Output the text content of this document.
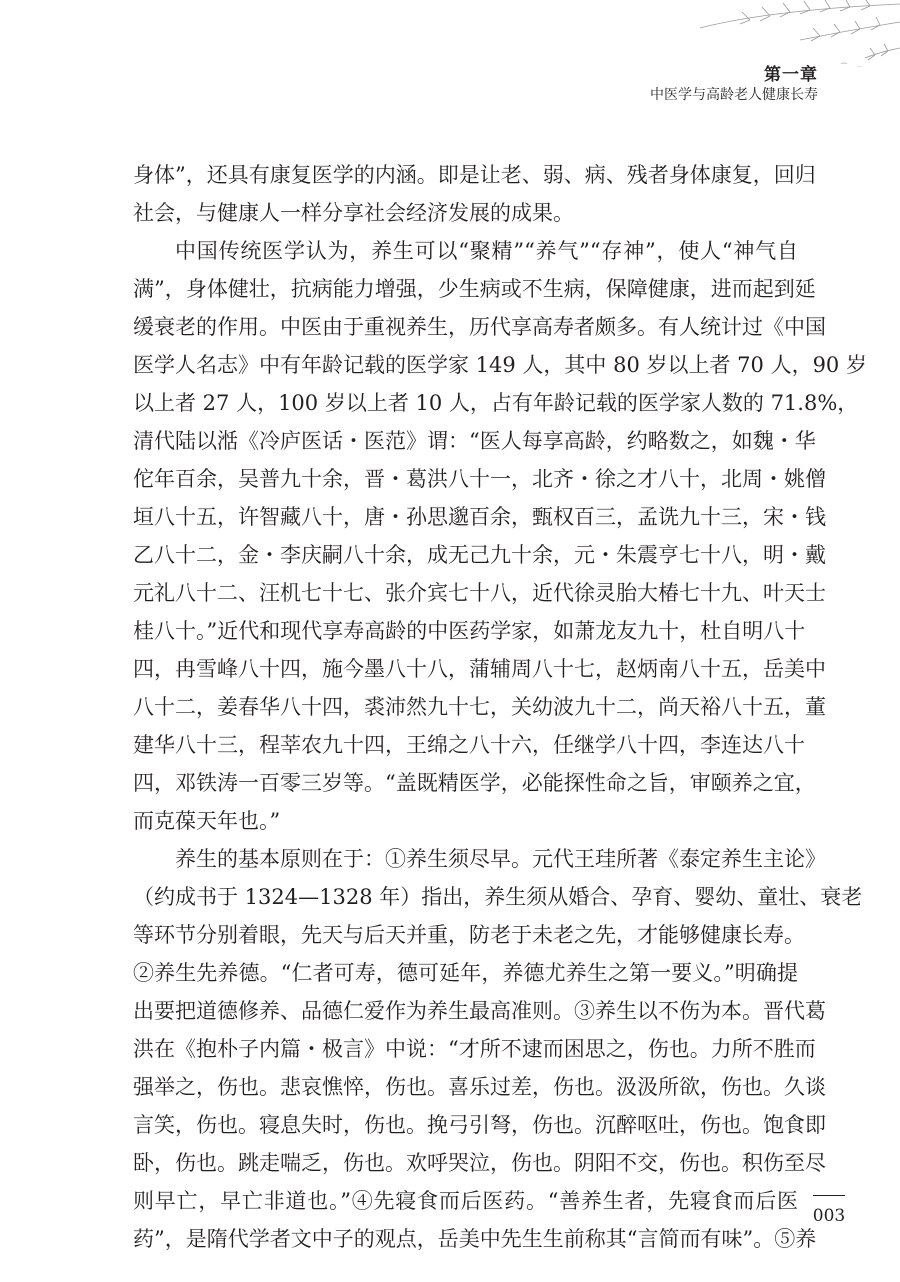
第一章
中医学与高龄老人健康长寿
身体”，还具有康复医学的内涵。即是让老、弱、病、残者身体康复，回归
社会，与健康人一样分享社会经济发展的成果。
中国传统医学认为，养生可以“聚精”“养气”“存神”，使人“神气自
满”，身体健壮，抗病能力增强，少生病或不生病，保障健康，进而起到延
缓衰老的作用。中医由于重视养生，历代享高寿者颇多。有人统计过《中国
医学人名志》中有年龄记载的医学家 149 人，其中 80 岁以上者 70 人，90 岁
以上者 27 人，100 岁以上者 10 人，占有年龄记载的医学家人数的 71.8%，
清代陆以湉《冷庐医话・医范》谓：“医人每享高龄，约略数之，如魏・华
佗年百余，吴普九十余，晋・葛洪八十一，北齐・徐之才八十，北周・姚僧
垣八十五，许智藏八十，唐・孙思邈百余，甄权百三，孟诜九十三，宋・钱
乙八十二，金・李庆嗣八十余，成无己九十余，元・朱震亨七十八，明・戴
元礼八十二、汪机七十七、张介宾七十八，近代徐灵胎大椿七十九、叶天士
桂八十。”近代和现代享寿高龄的中医药学家，如萧龙友九十，杜自明八十
四，冉雪峰八十四，施今墨八十八，蒲辅周八十七，赵炳南八十五，岳美中
八十二，姜春华八十四，裘沛然九十七，关幼波九十二，尚天裕八十五，董
建华八十三，程莘农九十四，王绵之八十六，任继学八十四，李连达八十
四，邓铁涛一百零三岁等。“盖既精医学，必能探性命之旨，审颐养之宜，
而克葆天年也。”
养生的基本原则在于：①养生须尽早。元代王珪所著《泰定养生主论》
（约成书于 1324—1328 年）指出，养生须从婚合、孕育、婴幼、童壮、衰老
等环节分别着眼，先天与后天并重，防老于未老之先，才能够健康长寿。
②养生先养德。“仁者可寿，德可延年，养德尤养生之第一要义。”明确提
出要把道德修养、品德仁爱作为养生最高准则。③养生以不伤为本。晋代葛
洪在《抱朴子内篇・极言》中说：“才所不逮而困思之，伤也。力所不胜而
强举之，伤也。悲哀憔悴，伤也。喜乐过差，伤也。汲汲所欲，伤也。久谈
言笑，伤也。寝息失时，伤也。挽弓引弩，伤也。沉醉呕吐，伤也。饱食即
卧，伤也。跳走喘乏，伤也。欢呼哭泣，伤也。阴阳不交，伤也。积伤至尽
则早亡，早亡非道也。”④先寝食而后医药。“善养生者，先寝食而后医
药”，是隋代学者文中子的观点，岳美中先生生前称其“言简而有味”。⑤养
003
